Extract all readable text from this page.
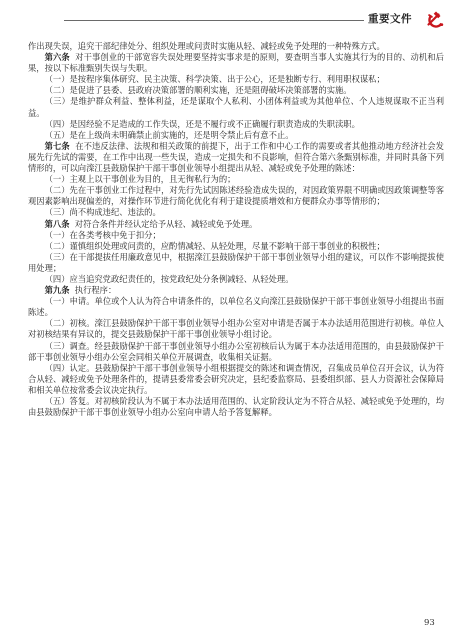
重要文件

作出现失误，追究干部纪律处分、组织处理或问责时实施从轻、减轻或免予处理的一种特殊方式。

第六条 对干事创业的干部宽容失误处理要坚持实事求是的原则，要查明当事人实施其行为的目的、动机和后果，按以下标准甄别失误与失职。

（一）是按程序集体研究、民主决策、科学决策、出于公心，还是独断专行、利用职权谋私；

（二）是促进了县委、县政府决策部署的顺利实施，还是阻碍破坏决策部署的实施。

（三）是维护群众利益、整体利益，还是谋取个人私利、小团体利益或为其他单位、个人违规谋取不正当利益。

（四）是因经验不足造成的工作失误，还是不履行或不正确履行职责造成的失职渎职。

（五）是在上级尚未明确禁止前实施的，还是明令禁止后有意不止。

第七条 在不违反法律、法规和相关政策的前提下，出于工作和中心工作的需要或者其他推动地方经济社会发展先行先试的需要，在工作中出现一些失误，造成一定损失和不良影响，但符合第六条甄别标准，并同时具备下列情形的，可以向滦江县鼓励保护干部干事创业领导小组提出从轻、减轻或免予处理的陈述：

（一）主观上以干事创业为目的，且无徇私行为的；

（二）先在干事创业工作过程中，对先行先试因陈述经验造成失误的，对因政策界限不明确或因政策调整等客观因素影响出现偏差的，对操作环节进行简化优化有利于建设提质增效和方便群众办事等情形的；

（三）尚不构成违纪、违法的。

第八条 对符合条件并经认定给予从轻、减轻或免予处理。

（一）在各类考核中免于扣分；

（二）谨慎组织处理或问责的，应酌情减轻、从轻处理，尽量不影响干部干事创业的积极性；

（三）在干部提拔任用廉政意见中，根据滦江县鼓励保护干部干事创业领导小组的建议，可以作不影响提拔使用处理；

（四）应当追究党政纪责任的，按党政纪处分条例减轻、从轻处理。

第九条 执行程序：

（一）申请。单位或个人认为符合申请条件的，以单位名义向滦江县鼓励保护干部干事创业领导小组提出书面陈述。

（二）初核。滦江县鼓励保护干部干事创业领导小组办公室对申请是否属于本办法适用范围进行初核。单位人对初核结果有异议的，提交县鼓励保护干部干事创业领导小组讨论。

（三）调查。经县鼓励保护干部干事创业领导小组办公室初核后认为属于本办法适用范围的，由县鼓励保护干部干事创业领导小组办公室会同相关单位开展调查，收集相关证据。

（四）认定。县鼓励保护干部干事创业领导小组根据提交的陈述和调查情况，召集成员单位召开会议，认为符合从轻、减轻或免予处理条件的，提请县委常委会研究决定，县纪委监察局、县委组织部、县人力资源社会保障局和相关单位按常委会议决定执行。

（五）答复。对初核阶段认为不属于本办法适用范围的、认定阶段认定为不符合从轻、减轻或免予处理的，均由县鼓励保护干部干事创业领导小组办公室向申请人给予答复解释。

93
